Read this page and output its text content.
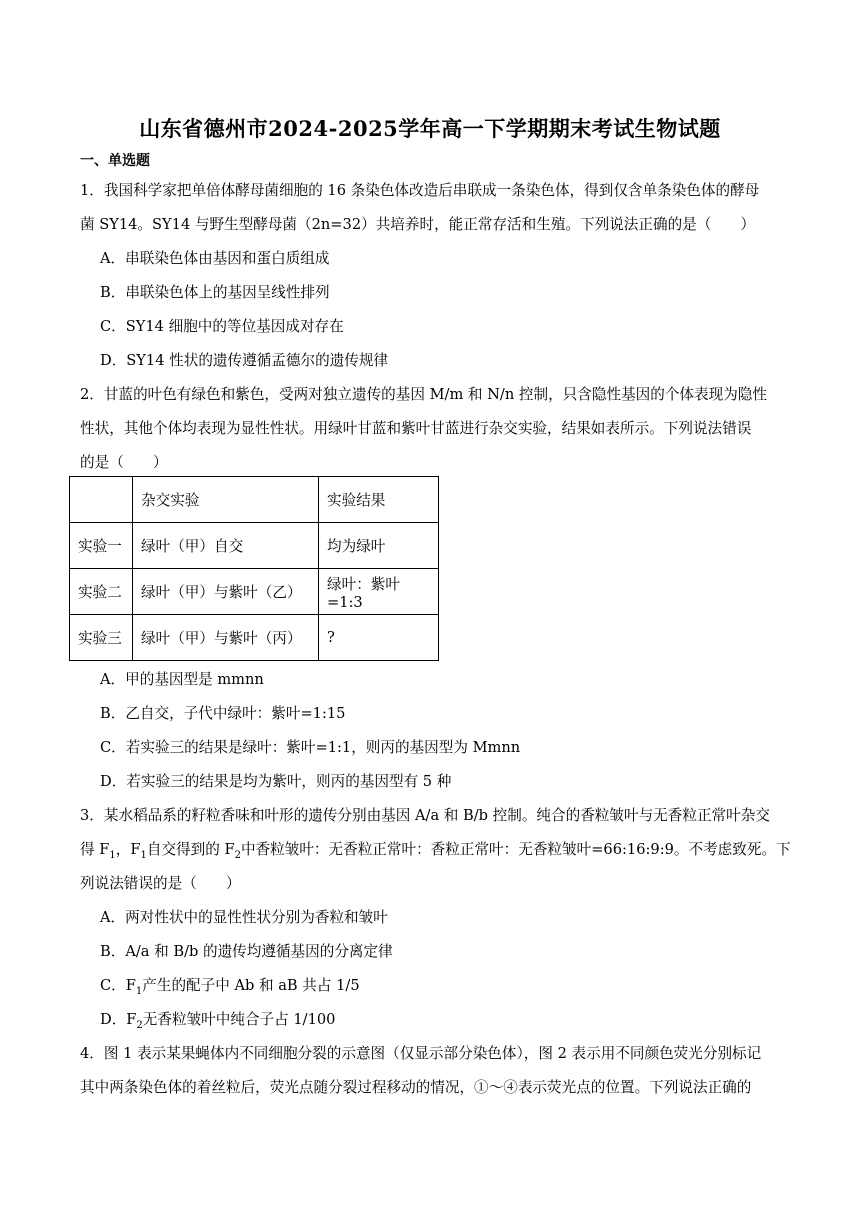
山东省德州市2024-2025学年高一下学期期末考试生物试题
一、单选题
1．我国科学家把单倍体酵母菌细胞的 16 条染色体改造后串联成一条染色体，得到仅含单条染色体的酵母
菌 SY14。SY14 与野生型酵母菌（2n=32）共培养时，能正常存活和生殖。下列说法正确的是（　　）
A．串联染色体由基因和蛋白质组成
B．串联染色体上的基因呈线性排列
C．SY14 细胞中的等位基因成对存在
D．SY14 性状的遗传遵循孟德尔的遗传规律
2．甘蓝的叶色有绿色和紫色，受两对独立遗传的基因 M/m 和 N/n 控制，只含隐性基因的个体表现为隐性
性状，其他个体均表现为显性性状。用绿叶甘蓝和紫叶甘蓝进行杂交实验，结果如表所示。下列说法错误
的是（　　）
	杂交实验	实验结果
实验一	绿叶（甲）自交	均为绿叶
实验二	绿叶（甲）与紫叶（乙）	绿叶：紫叶=1:3
实验三	绿叶（甲）与紫叶（丙）	?
A．甲的基因型是 mmnn
B．乙自交，子代中绿叶：紫叶=1:15
C．若实验三的结果是绿叶：紫叶=1:1，则丙的基因型为 Mmnn
D．若实验三的结果是均为紫叶，则丙的基因型有 5 种
3．某水稻品系的籽粒香味和叶形的遗传分别由基因 A/a 和 B/b 控制。纯合的香粒皱叶与无香粒正常叶杂交
得 $F_1$，$F_1$自交得到的 $F_2$中香粒皱叶：无香粒正常叶：香粒正常叶：无香粒皱叶=66:16:9:9。不考虑致死。下
列说法错误的是（　　）
A．两对性状中的显性性状分别为香粒和皱叶
B．A/a 和 B/b 的遗传均遵循基因的分离定律
C．$F_1$产生的配子中 Ab 和 aB 共占 1/5
D．$F_2$无香粒皱叶中纯合子占 1/100
4．图 1 表示某果蝇体内不同细胞分裂的示意图（仅显示部分染色体），图 2 表示用不同颜色荧光分别标记
其中两条染色体的着丝粒后，荧光点随分裂过程移动的情况，①～④表示荧光点的位置。下列说法正确的
